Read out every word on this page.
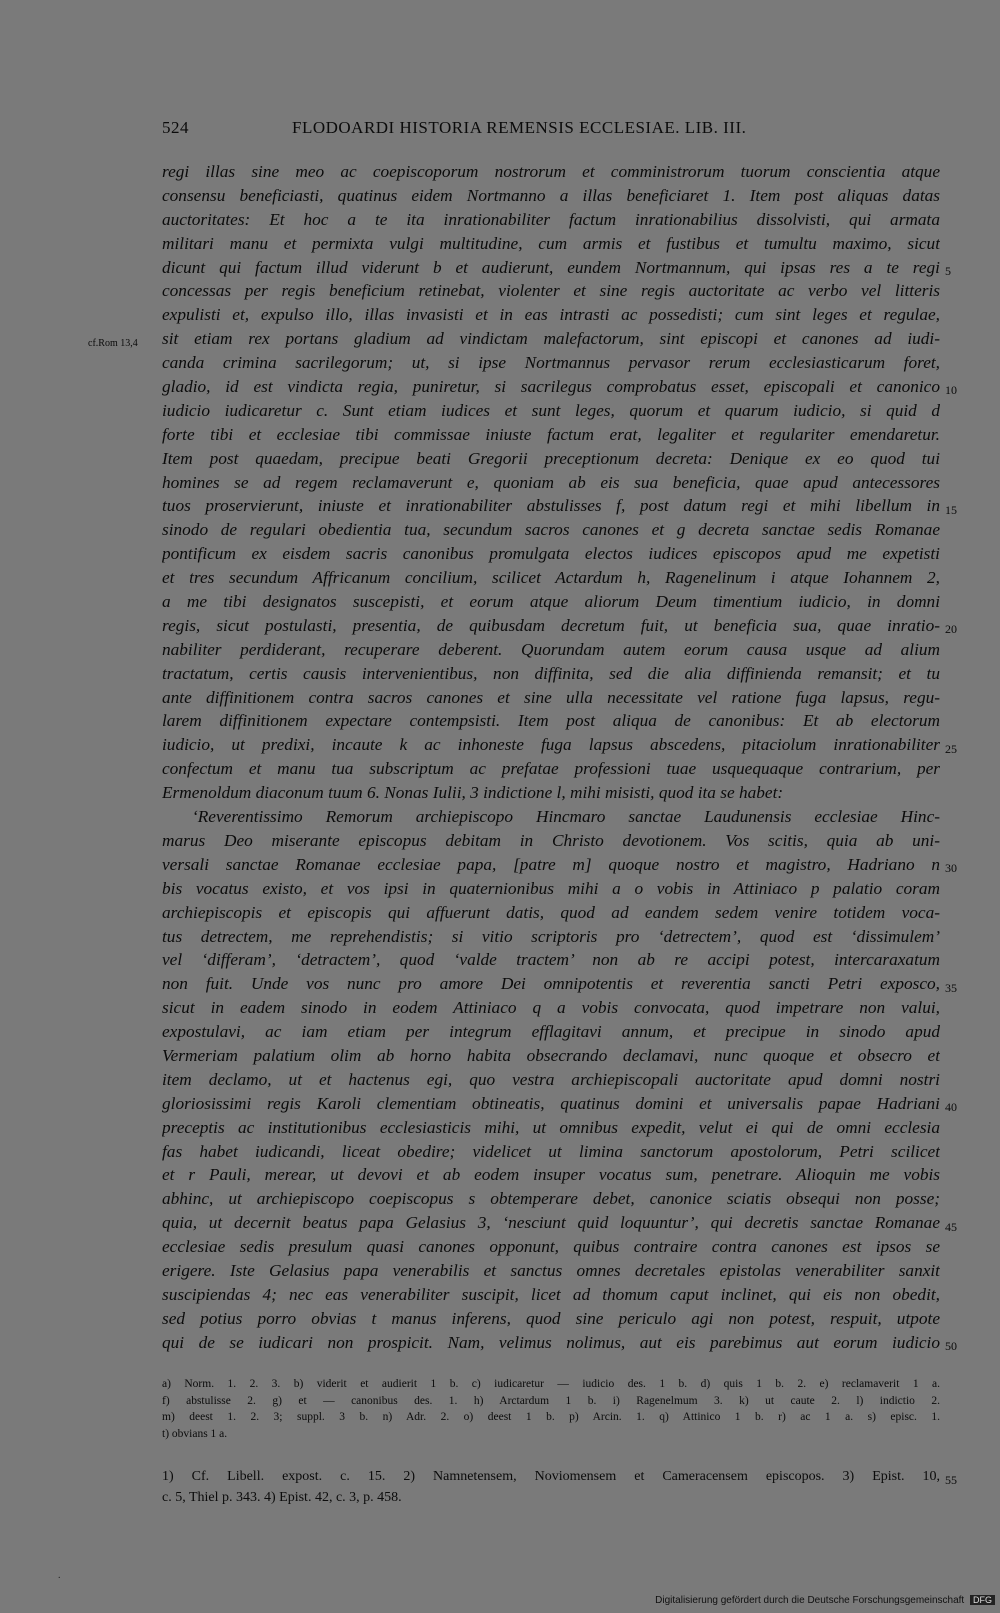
524	FLODOARDI HISTORIA REMENSIS ECCLESIAE. LIB. III.
regi illas sine meo ac coepiscoporum nostrorum et comministrorum tuorum conscientia atque
consensu beneficiasti, quatinus eidem Nortmanno a illas beneficiaret 1. Item post aliquas datas
auctoritates: Et hoc a te ita inrationabiliter factum inrationabilius dissolvisti, qui armata
militari manu et permixta vulgi multitudine, cum armis et fustibus et tumultu maximo, sicut
dicunt qui factum illud viderunt b et audierunt, eundem Nortmannum, qui ipsas res a te regi
concessas per regis beneficium retinebat, violenter et sine regis auctoritate ac verbo vel litteris
expulisti et, expulso illo, illas invasisti et in eas intrasti ac possedisti; cum sint leges et regulae,
sit etiam rex portans gladium ad vindictam malefactorum, sint episcopi et canones ad iudi-
canda crimina sacrilegorum; ut, si ipse Nortmannus pervasor rerum ecclesiasticarum foret,
gladio, id est vindicta regia, puniretur, si sacrilegus comprobatus esset, episcopali et canonico
iudicio iudicaretur c. Sunt etiam iudices et sunt leges, quorum et quarum iudicio, si quid d
forte tibi et ecclesiae tibi commissae iniuste factum erat, legaliter et regulariter emendaretur.
Item post quaedam, precipue beati Gregorii preceptionum decreta: Denique ex eo quod tui
homines se ad regem reclamaverunt e, quoniam ab eis sua beneficia, quae apud antecessores
tuos proservierunt, iniuste et inrationabiliter abstulisses f, post datum regi et mihi libellum in
sinodo de regulari obedientia tua, secundum sacros canones et g decreta sanctae sedis Romanae
pontificum ex eisdem sacris canonibus promulgata electos iudices episcopos apud me expetisti
et tres secundum Affricanum concilium, scilicet Actardum h, Ragenelinum i atque Iohannem 2,
a me tibi designatos suscepisti, et eorum atque aliorum Deum timentium iudicio, in domni
regis, sicut postulasti, presentia, de quibusdam decretum fuit, ut beneficia sua, quae inratio-
nabiliter perdiderant, recuperare deberent. Quorundam autem eorum causa usque ad alium
tractatum, certis causis intervenientibus, non diffinita, sed die alia diffinienda remansit; et tu
ante diffinitionem contra sacros canones et sine ulla necessitate vel ratione fuga lapsus, regu-
larem diffinitionem expectare contempsisti. Item post aliqua de canonibus: Et ab electorum
iudicio, ut predixi, incaute k ac inhoneste fuga lapsus abscedens, pitaciolum inrationabiliter
confectum et manu tua subscriptum ac prefatae professioni tuae usquequaque contrarium, per
Ermenoldum diaconum tuum 6. Nonas Iulii, 3 indictione l, mihi misisti, quod ita se habet:
‘Reverentissimo Remorum archiepiscopo Hincmaro sanctae Laudunensis ecclesiae Hinc-
marus Deo miserante episcopus debitam in Christo devotionem. Vos scitis, quia ab uni-
versali sanctae Romanae ecclesiae papa, [patre m] quoque nostro et magistro, Hadriano n
bis vocatus existo, et vos ipsi in quaternionibus mihi a o vobis in Attiniaco p palatio coram
archiepiscopis et episcopis qui affuerunt datis, quod ad eandem sedem venire totidem voca-
tus detrectem, me reprehendistis; si vitio scriptoris pro ‘detrectem’, quod est ‘dissimulem’
vel ‘differam’, ‘detractem’, quod ‘valde tractem’ non ab re accipi potest, intercaraxatum
non fuit. Unde vos nunc pro amore Dei omnipotentis et reverentia sancti Petri exposco,
sicut in eadem sinodo in eodem Attiniaco q a vobis convocata, quod impetrare non valui,
expostulavi, ac iam etiam per integrum efflagitavi annum, et precipue in sinodo apud
Vermeriam palatium olim ab horno habita obsecrando declamavi, nunc quoque et obsecro et
item declamo, ut et hactenus egi, quo vestra archiepiscopali auctoritate apud domni nostri
gloriosissimi regis Karoli clementiam obtineatis, quatinus domini et universalis papae Hadriani
preceptis ac institutionibus ecclesiasticis mihi, ut omnibus expedit, velut ei qui de omni ecclesia
fas habet iudicandi, liceat obedire; videlicet ut limina sanctorum apostolorum, Petri scilicet
et r Pauli, merear, ut devovi et ab eodem insuper vocatus sum, penetrare. Alioquin me vobis
abhinc, ut archiepiscopo coepiscopus s obtemperare debet, canonice sciatis obsequi non posse;
quia, ut decernit beatus papa Gelasius 3, ‘nesciunt quid loquuntur’, qui decretis sanctae Romanae
ecclesiae sedis presulum quasi canones opponunt, quibus contraire contra canones est ipsos se
erigere. Iste Gelasius papa venerabilis et sanctus omnes decretales epistolas venerabiliter sanxit
suscipiendas 4; nec eas venerabiliter suscipit, licet ad thomum caput inclinet, qui eis non obedit,
sed potius porro obvias t manus inferens, quod sine periculo agi non potest, respuit, utpote
qui de se iudicari non prospicit. Nam, velimus nolimus, aut eis parebimus aut eorum iudicio
5
10
15
20
25
30
35
40
45
50
cf.Rom 13,4
a) Norm. 1. 2. 3. b) viderit et audierit 1 b. c) iudicaretur — iudicio des. 1 b. d) quis 1 b. 2. e) reclamaverit 1 a.
f) abstulisse 2. g) et — canonibus des. 1. h) Arctardum 1 b. i) Ragenelmum 3. k) ut caute 2. l) indictio 2.
m) deest 1. 2. 3; suppl. 3 b. n) Adr. 2. o) deest 1 b. p) Arcin. 1. q) Attinico 1 b. r) ac 1 a. s) episc. 1.
t) obvians 1 a.
1) Cf. Libell. expost. c. 15. 2) Namnetensem, Noviomensem et Cameracensem episcopos. 3) Epist. 10,
c. 5, Thiel p. 343. 4) Epist. 42, c. 3, p. 458.
55
.
Digitalisierung gefördert durch die Deutsche Forschungsgemeinschaft DFG
